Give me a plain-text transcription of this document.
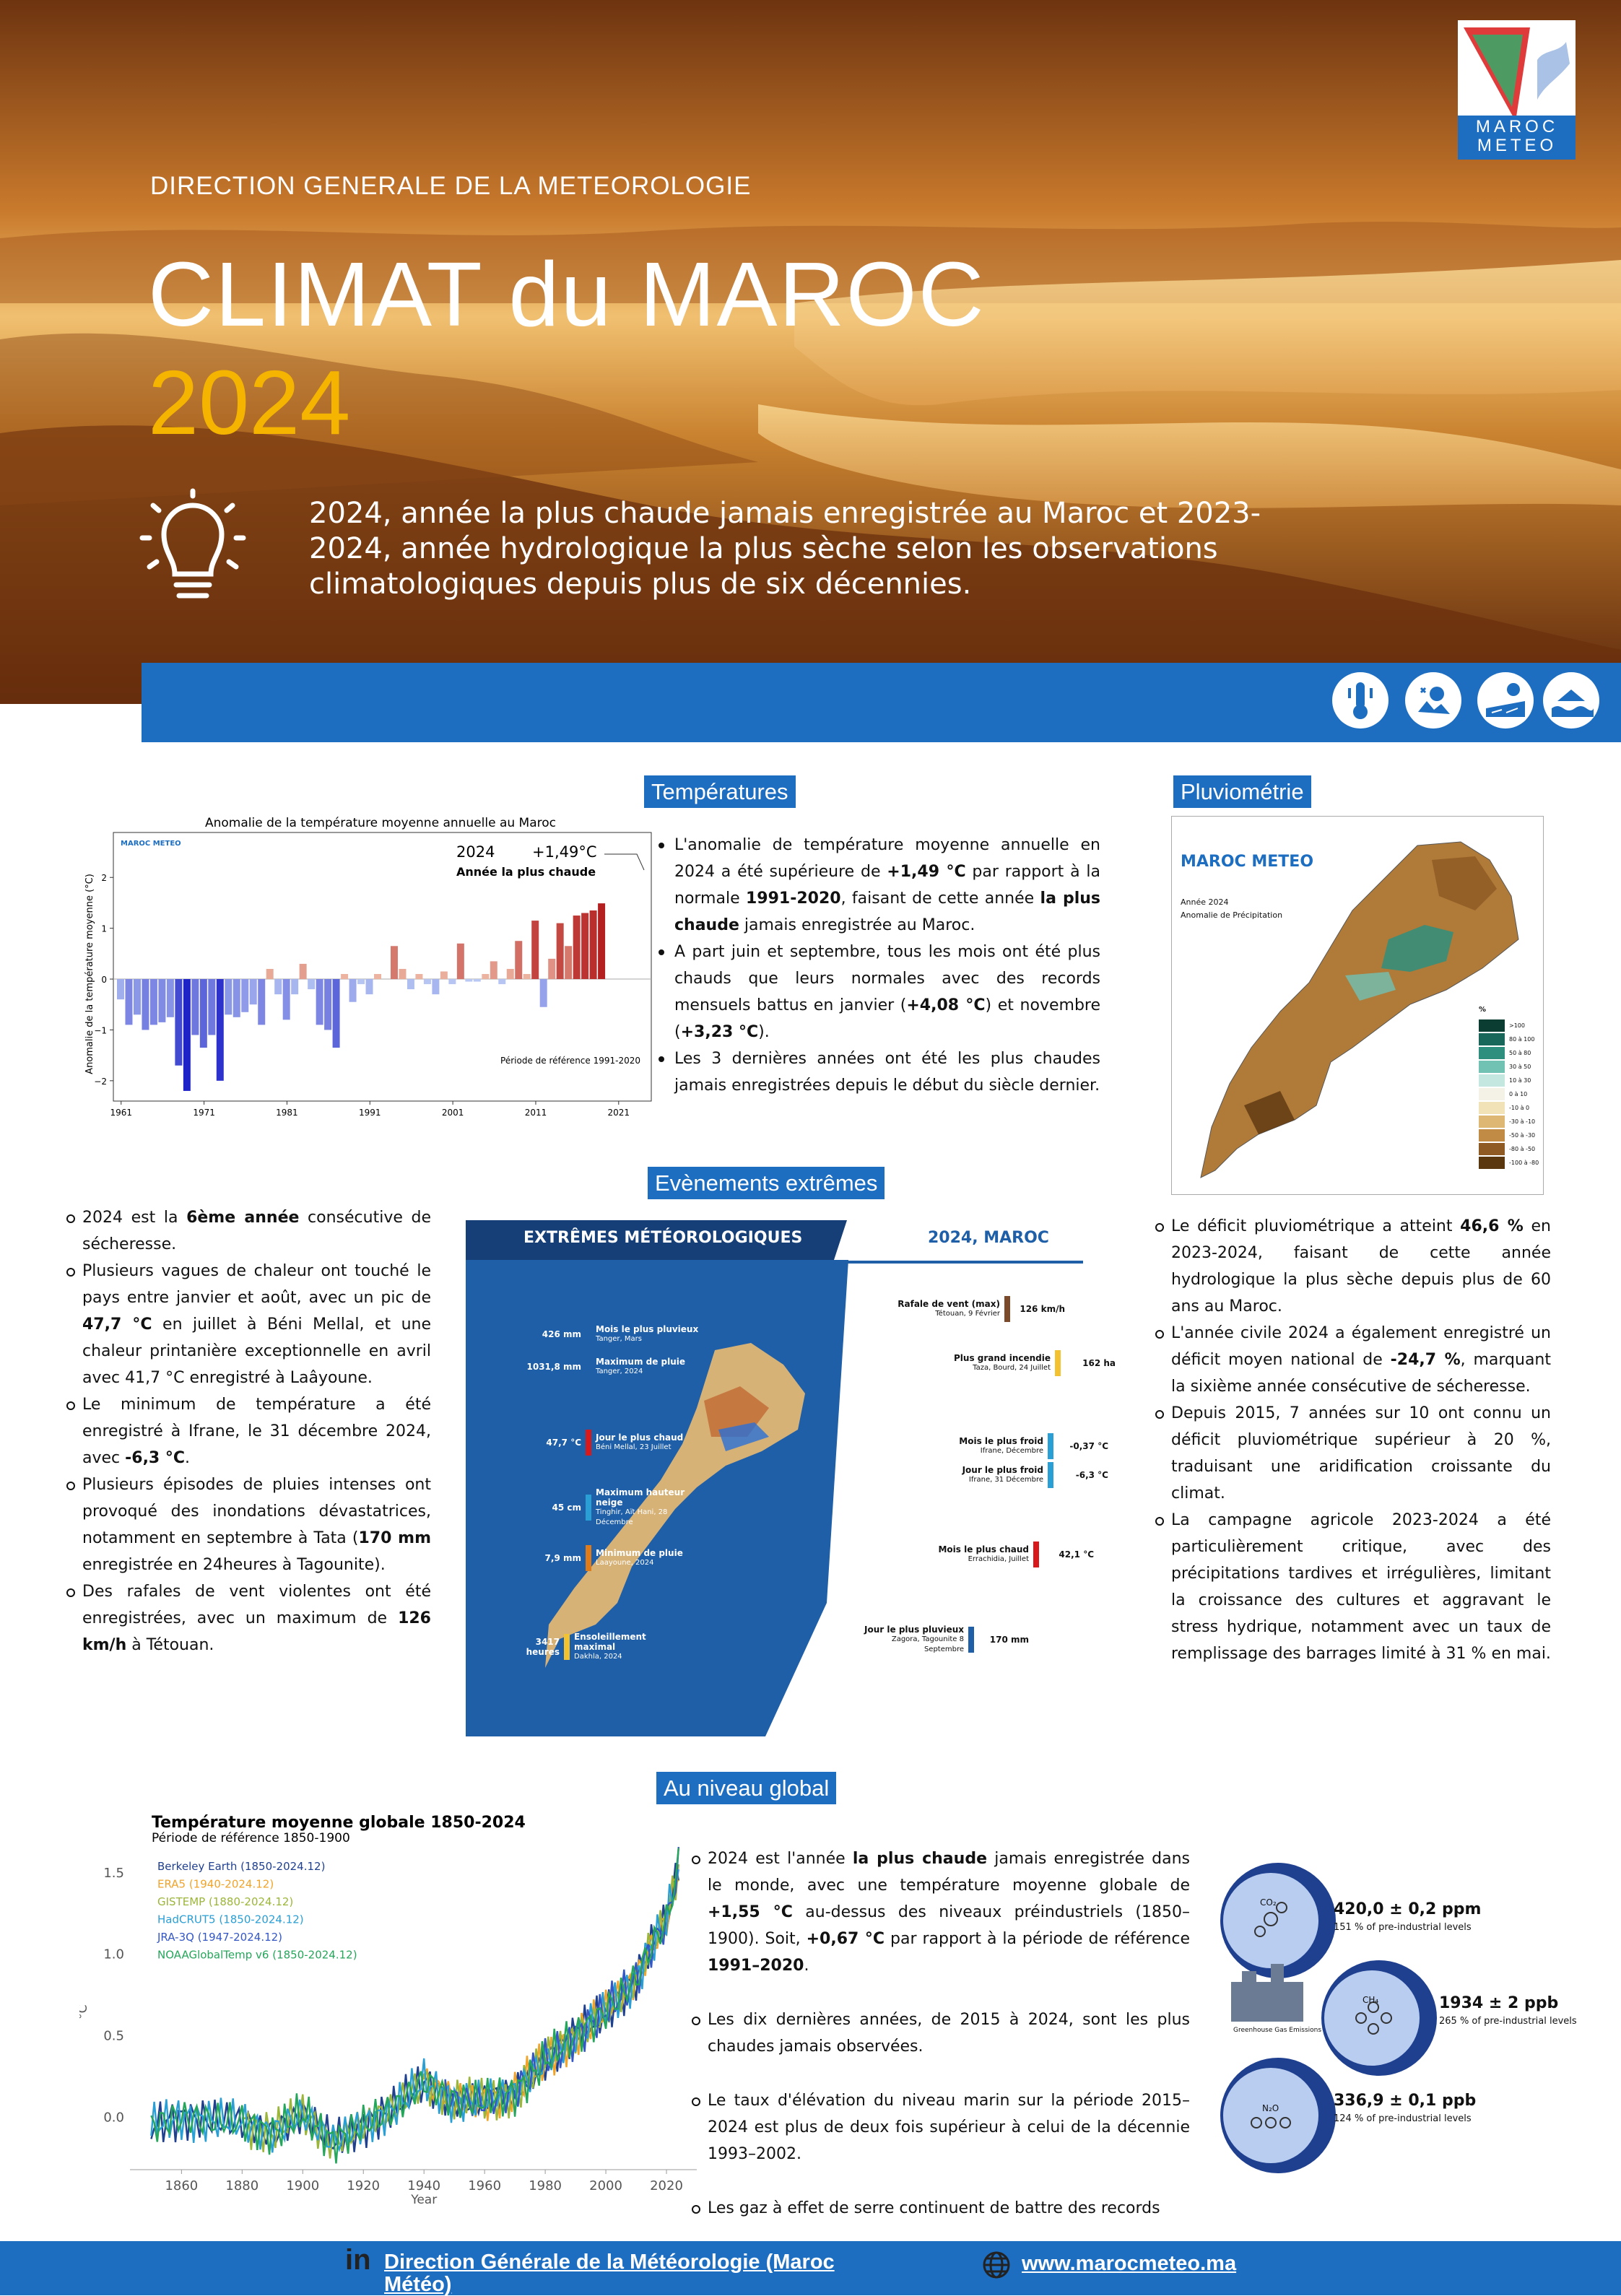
DIRECTION GENERALE DE LA METEOROLOGIE
CLIMAT du MAROC
2024
2024, année la plus chaude jamais enregistrée au Maroc et 2023-2024, année hydrologique la plus sèche selon les observations climatologiques depuis plus de six décennies.
MAROC
METEO
Températures
Anomalie de la température moyenne annuelle au Maroc
MAROC METEO
−2
−1
0
1
2
Anomalie de la température moyenne (°C)
1961	1971	1981	1991	2001	2011	2021
2024 +1,49°C
Année la plus chaude
Période de référence 1991-2020
L'anomalie de température moyenne annuelle en 2024 a été supérieure de +1,49 °C par rapport à la normale 1991-2020, faisant de cette année la plus chaude jamais enregistrée au Maroc.
A part juin et septembre, tous les mois ont été plus chauds que leurs normales avec des records mensuels battus en janvier (+4,08 °C) et novembre (+3,23 °C).
Les 3 dernières années ont été les plus chaudes jamais enregistrées depuis le début du siècle dernier.
Pluviométrie
MAROC METEO
Année 2024
Anomalie de Précipitation
%
>100
80 à 100
50 à 80
30 à 50
10 à 30
0 à 10
-10 à 0
-30 à -10
-50 à -30
-80 à -50
-100 à -80
Evènements extrêmes
2024 est la 6ème année consécutive de sécheresse.
Plusieurs vagues de chaleur ont touché le pays entre janvier et août, avec un pic de 47,7 °C en juillet à Béni Mellal, et une chaleur printanière exceptionnelle en avril avec 41,7 °C enregistré à Laâyoune.
Le minimum de température a été enregistré à Ifrane, le 31 décembre 2024, avec -6,3 °C.
Plusieurs épisodes de pluies intenses ont provoqué des inondations dévastatrices, notamment en septembre à Tata (170 mm enregistrée en 24heures à Tagounite).
Des rafales de vent violentes ont été enregistrées, avec un maximum de 126 km/h à Tétouan.
EXTRÊMES MÉTÉOROLOGIQUES	2024, MAROC
426 mm Mois le plus pluvieux
Tanger, Mars
1031,8 mm Maximum de pluie
Tanger, 2024
47,7 °C Jour le plus chaud
Béni Mellal, 23 Juillet
45 cm
Maximum hauteur neige
Tinghir, Aït Hani, 28 Décembre
7,9 mm Minimum de pluie
Laayoune, 2024
3417 heures
Ensoleillement maximal
Dakhla, 2024
126 km/h
Rafale de vent (max)
Tétouan, 9 Février
162 ha
Plus grand incendie
Taza, Bourd, 24 Juillet
-0,37 °C
Mois le plus froid
Ifrane, Décembre
-6,3 °C
Jour le plus froid
Ifrane, 31 Décembre
42,1 °C
Mois le plus chaud
Errachidia, Juillet
170 mm
Jour le plus pluvieux
Zagora, Tagounite 8 Septembre
Le déficit pluviométrique a atteint 46,6 % en 2023-2024, faisant de cette année hydrologique la plus sèche depuis plus de 60 ans au Maroc.
L'année civile 2024 a également enregistré un déficit moyen national de -24,7 %, marquant la sixième année consécutive de sécheresse.
Depuis 2015, 7 années sur 10 ont connu un déficit pluviométrique supérieur à 20 %, traduisant une aridification croissante du climat.
La campagne agricole 2023-2024 a été particulièrement critique, avec des précipitations tardives et irrégulières, limitant la croissance des cultures et aggravant le stress hydrique, notamment avec un taux de remplissage des barrages limité à 31 % en mai.
Au niveau global
Température moyenne globale 1850-2024
Période de référence 1850-1900
0.0
0.5
1.0
1.5
1860 1880 1900 1920 1940 1960 1980 2000 2020
Year
°C
Berkeley Earth (1850-2024.12)
ERA5 (1940-2024.12)
GISTEMP (1880-2024.12)
HadCRUT5 (1850-2024.12)
JRA-3Q (1947-2024.12)
NOAAGlobalTemp v6 (1850-2024.12)
2024 est l'année la plus chaude jamais enregistrée dans le monde, avec une température moyenne globale de +1,55 °C au-dessus des niveaux préindustriels (1850–1900). Soit, +0,67 °C par rapport à la période de référence 1991–2020.
Les dix dernières années, de 2015 à 2024, sont les plus chaudes jamais observées.
Le taux d'élévation du niveau marin sur la période 2015–2024 est plus de deux fois supérieur à celui de la décennie 1993–2002.
Les gaz à effet de serre continuent de battre des records
CO₂
CH₄
N₂O
Greenhouse Gas Emissions
420,0 ± 0,2 ppm
151 % of pre-industrial levels
1934 ± 2 ppb
265 % of pre-industrial levels
336,9 ± 0,1 ppb
124 % of pre-industrial levels
in Direction Générale de la Météorologie (Maroc Météo)
www.marocmeteo.ma
